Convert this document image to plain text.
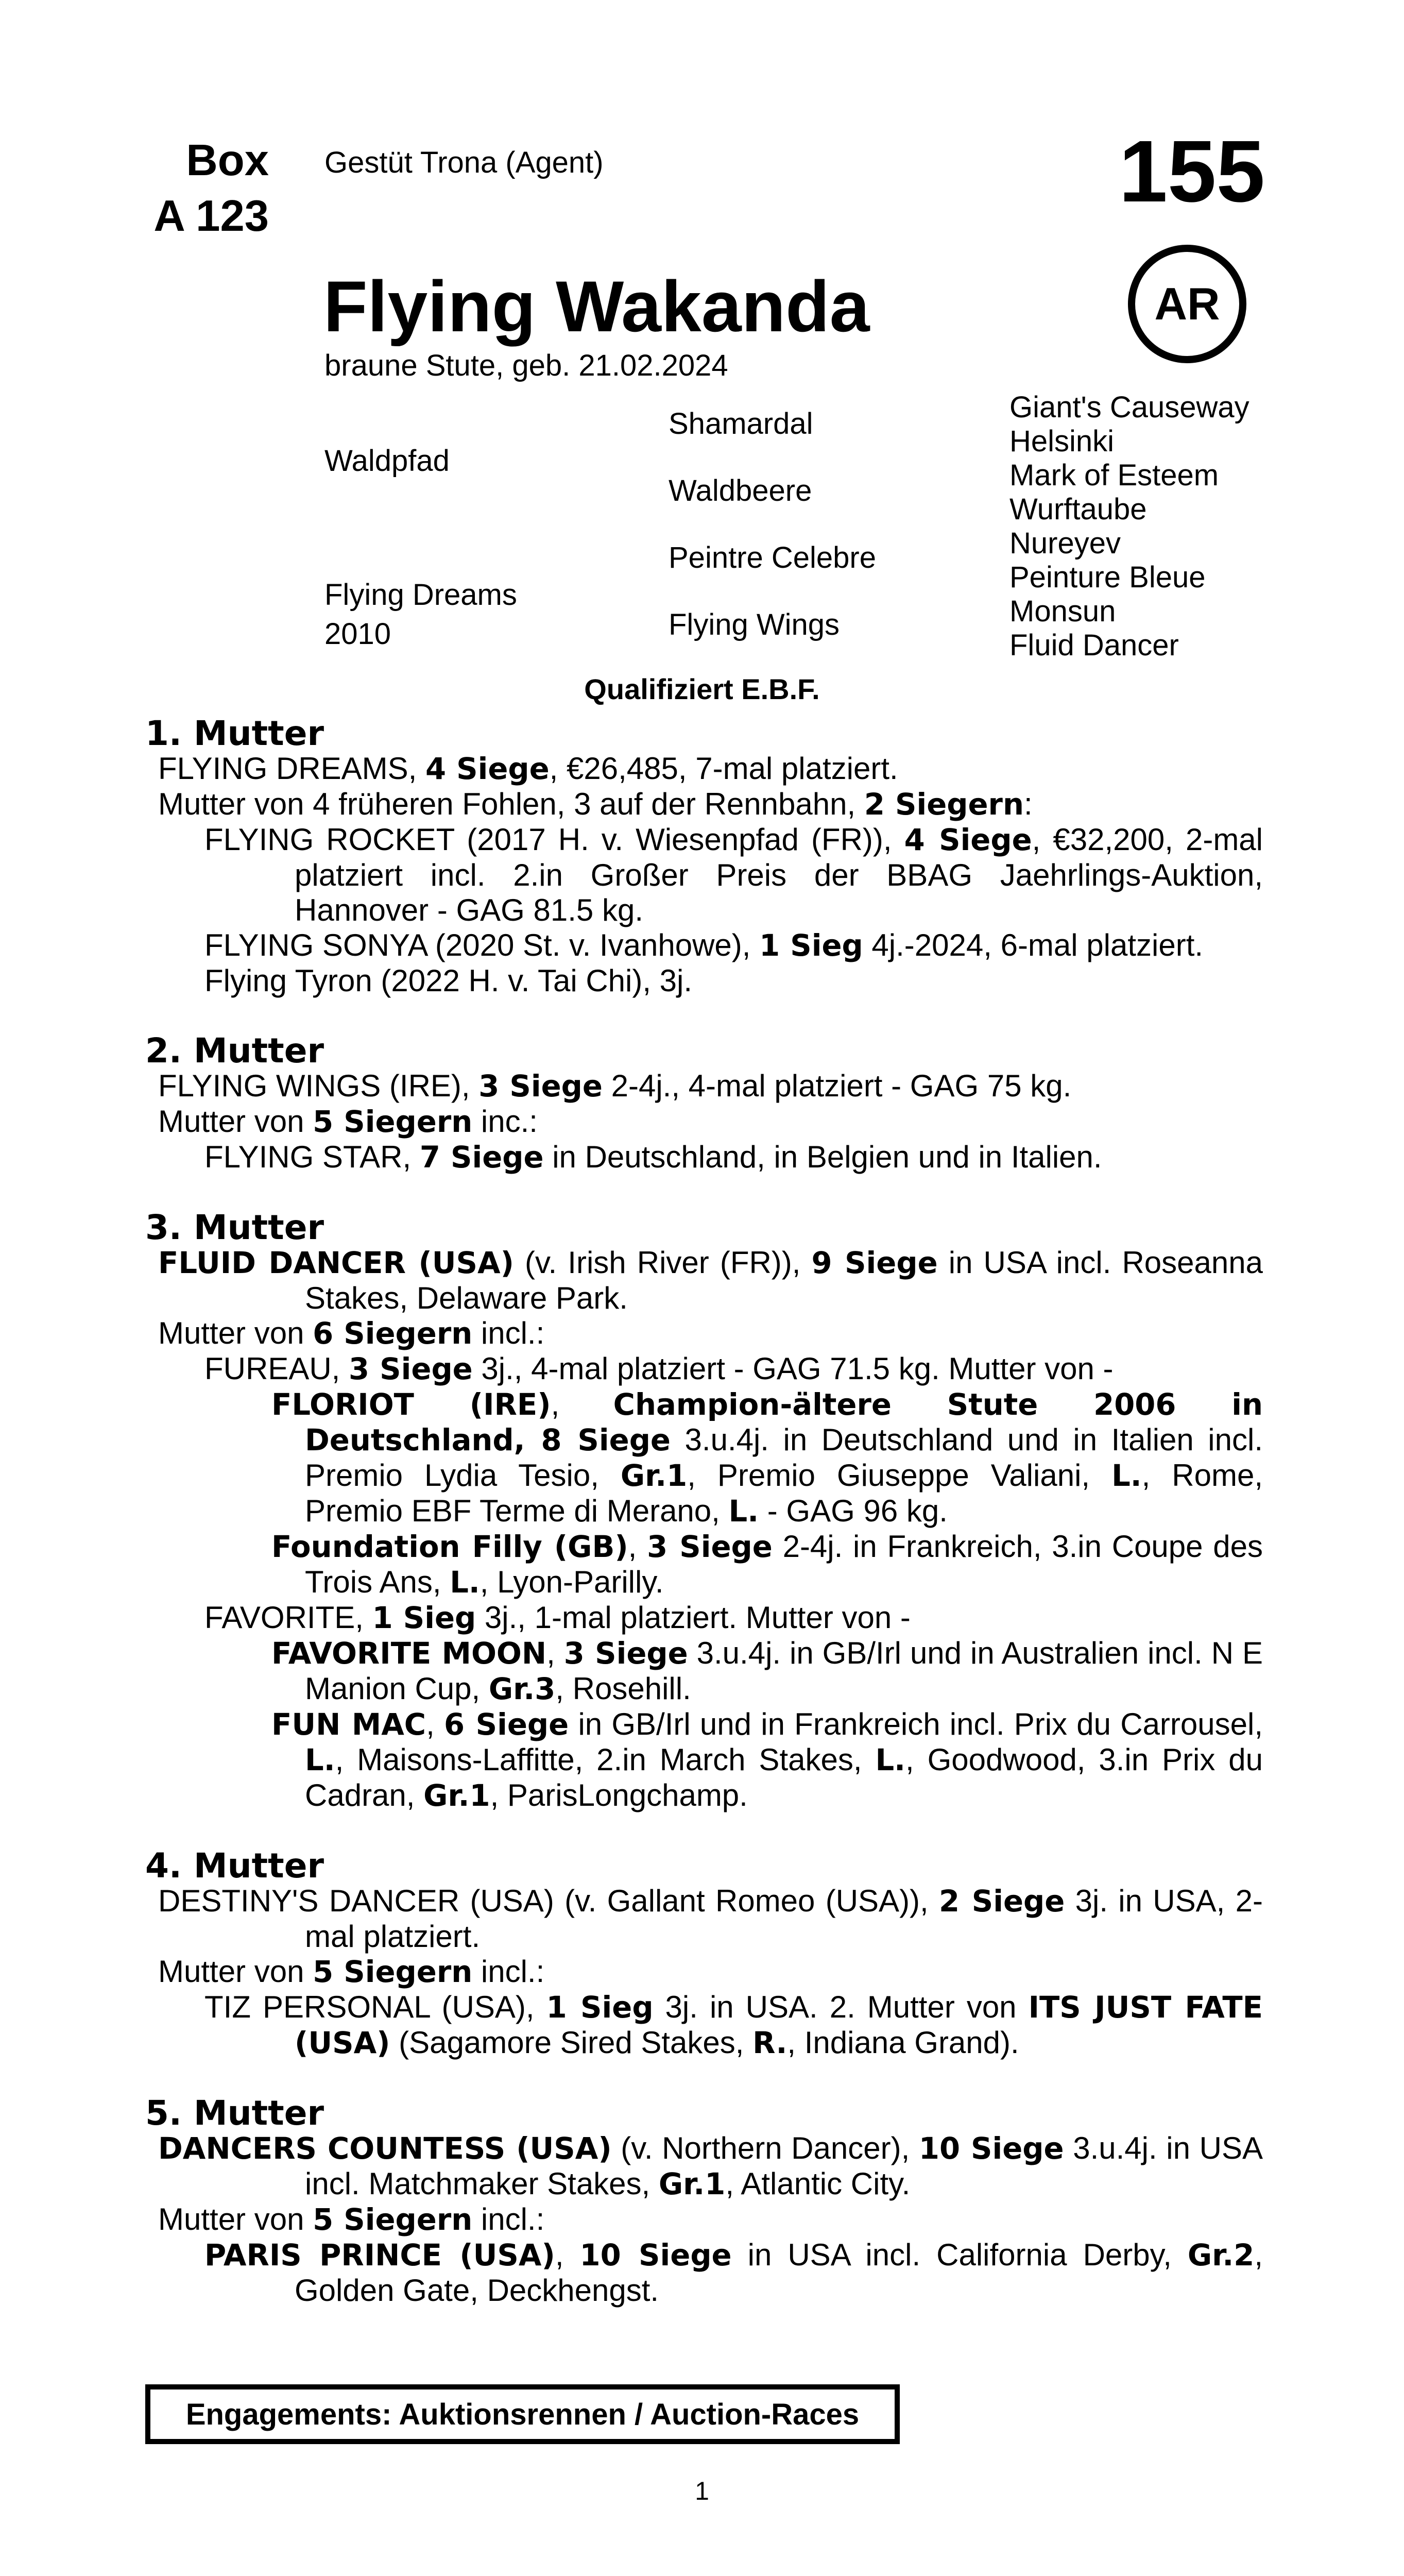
Box
A 123
Gestüt Trona (Agent)	155
AR
Flying Wakanda
braune Stute, geb. 21.02.2024
Waldpfad
Flying Dreams
2010
Shamardal
Waldbeere
Peintre Celebre
Flying Wings
Giant's Causeway
Helsinki
Mark of Esteem
Wurftaube
Nureyev
Peinture Bleue
Monsun
Fluid Dancer
Qualifiziert E.B.F.
1. Mutter
FLYING DREAMS, 4 Siege, €26,485, 7-mal platziert.
Mutter von 4 früheren Fohlen, 3 auf der Rennbahn, 2 Siegern:
FLYING ROCKET (2017 H. v. Wiesenpfad (FR)), 4 Siege, €32,200, 2-mal platziert incl. 2.in Großer Preis der BBAG Jaehrlings-Auktion, Hannover - GAG 81.5 kg.
FLYING SONYA (2020 St. v. Ivanhowe), 1 Sieg 4j.-2024, 6-mal platziert.
Flying Tyron (2022 H. v. Tai Chi), 3j.
2. Mutter
FLYING WINGS (IRE), 3 Siege 2-4j., 4-mal platziert - GAG 75 kg.
Mutter von 5 Siegern inc.:
FLYING STAR, 7 Siege in Deutschland, in Belgien und in Italien.
3. Mutter
FLUID DANCER (USA) (v. Irish River (FR)), 9 Siege in USA incl. Roseanna Stakes, Delaware Park.
Mutter von 6 Siegern incl.:
FUREAU, 3 Siege 3j., 4-mal platziert - GAG 71.5 kg. Mutter von -
FLORIOT (IRE), Champion-ältere Stute 2006 in Deutschland, 8 Siege 3.u.4j. in Deutschland und in Italien incl. Premio Lydia Tesio, Gr.1, Premio Giuseppe Valiani, L., Rome, Premio EBF Terme di Merano, L. - GAG 96 kg.
Foundation Filly (GB), 3 Siege 2-4j. in Frankreich, 3.in Coupe des Trois Ans, L., Lyon-Parilly.
FAVORITE, 1 Sieg 3j., 1-mal platziert. Mutter von -
FAVORITE MOON, 3 Siege 3.u.4j. in GB/Irl und in Australien incl. N E Manion Cup, Gr.3, Rosehill.
FUN MAC, 6 Siege in GB/Irl und in Frankreich incl. Prix du Carrousel, L., Maisons-Laffitte, 2.in March Stakes, L., Goodwood, 3.in Prix du Cadran, Gr.1, ParisLongchamp.
4. Mutter
DESTINY'S DANCER (USA) (v. Gallant Romeo (USA)), 2 Siege 3j. in USA, 2-mal platziert.
Mutter von 5 Siegern incl.:
TIZ PERSONAL (USA), 1 Sieg 3j. in USA. 2. Mutter von ITS JUST FATE (USA) (Sagamore Sired Stakes, R., Indiana Grand).
5. Mutter
DANCERS COUNTESS (USA) (v. Northern Dancer), 10 Siege 3.u.4j. in USA incl. Matchmaker Stakes, Gr.1, Atlantic City.
Mutter von 5 Siegern incl.:
PARIS PRINCE (USA), 10 Siege in USA incl. California Derby, Gr.2, Golden Gate, Deckhengst.
Engagements: Auktionsrennen / Auction-Races
1
